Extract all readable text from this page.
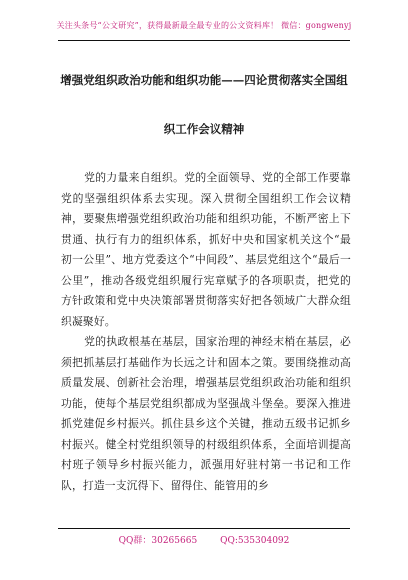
关注头条号“公文研究”，获得最新最全最专业的公文资料库！ 微信：gongwenyj
增强党组织政治功能和组织功能——四论贯彻落实全国组
织工作会议精神

党的力量来自组织。党的全面领导、党的全部工作要靠党的坚强组织体系去实现。深入贯彻全国组织工作会议精神，要聚焦增强党组织政治功能和组织功能，不断严密上下贯通、执行有力的组织体系，抓好中央和国家机关这个“最初一公里”、地方党委这个“中间段”、基层党组这个“最后一公里”，推动各级党组织履行宪章赋予的各项职责，把党的方针政策和党中央决策部署贯彻落实好把各领域广大群众组织凝聚好。

党的执政根基在基层，国家治理的神经末梢在基层，必须把抓基层打基础作为长远之计和固本之策。要围绕推动高质量发展、创新社会治理，增强基层党组织政治功能和组织功能，使每个基层党组织都成为坚强战斗堡垒。要深入推进抓党建促乡村振兴。抓住县乡这个关键，推动五级书记抓乡村振兴。健全村党组织领导的村级组织体系，全面培训提高村班子领导乡村振兴能力，派强用好驻村第一书记和工作队，打造一支沉得下、留得住、能管用的乡

QQ群：30265665	QQ:535304092
